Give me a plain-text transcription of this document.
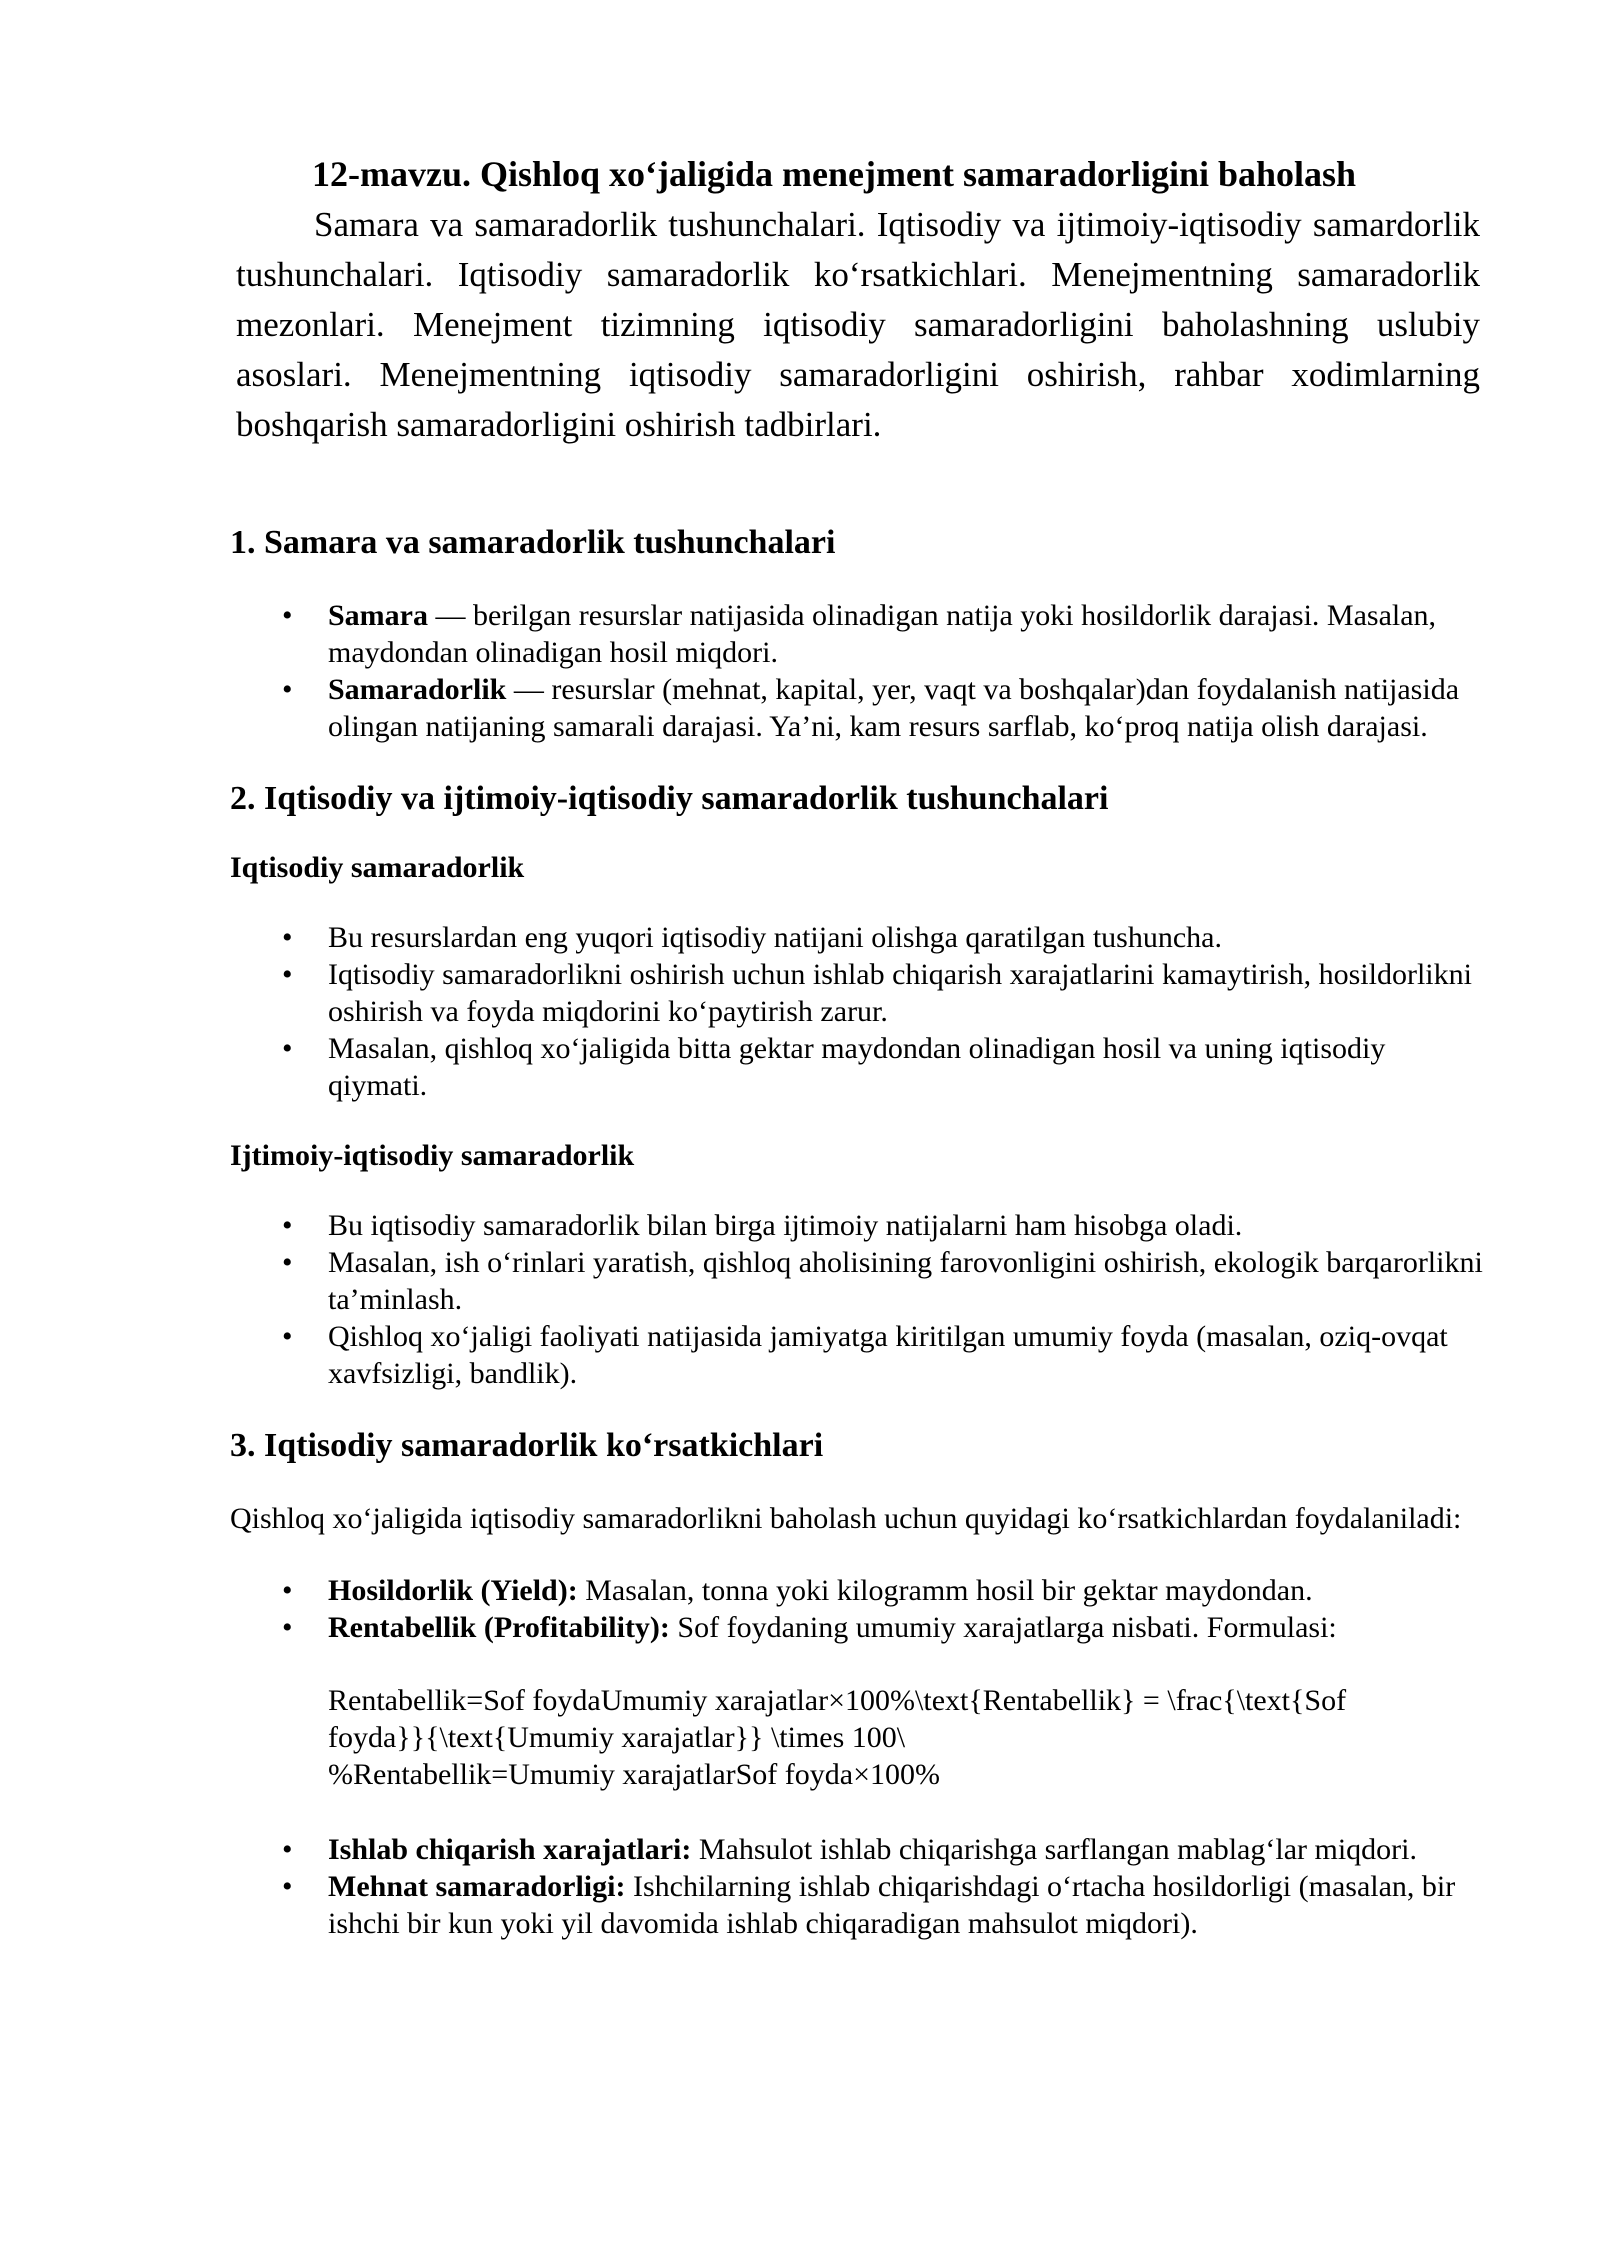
12-mavzu. Qishloq xo‘jaligida menejment samaradorligini baholash

Samara va samaradorlik tushunchalari. Iqtisodiy va ijtimoiy-iqtisodiy samardorlik tushunchalari. Iqtisodiy samaradorlik ko‘rsatkichlari. Menejmentning samaradorlik mezonlari. Menejment tizimning iqtisodiy samaradorligini baholashning uslubiy asoslari. Menejmentning iqtisodiy samaradorligini oshirish, rahbar xodimlarning boshqarish samaradorligini oshirish tadbirlari.

1. Samara va samaradorlik tushunchalari
• Samara — berilgan resurslar natijasida olinadigan natija yoki hosildorlik darajasi. Masalan, maydondan olinadigan hosil miqdori.
• Samaradorlik — resurslar (mehnat, kapital, yer, vaqt va boshqalar)dan foydalanish natijasida olingan natijaning samarali darajasi. Ya’ni, kam resurs sarflab, ko‘proq natija olish darajasi.
2. Iqtisodiy va ijtimoiy-iqtisodiy samaradorlik tushunchalari
Iqtisodiy samaradorlik
• Bu resurslardan eng yuqori iqtisodiy natijani olishga qaratilgan tushuncha.
• Iqtisodiy samaradorlikni oshirish uchun ishlab chiqarish xarajatlarini kamaytirish, hosildorlikni oshirish va foyda miqdorini ko‘paytirish zarur.
• Masalan, qishloq xo‘jaligida bitta gektar maydondan olinadigan hosil va uning iqtisodiy qiymati.
Ijtimoiy-iqtisodiy samaradorlik
• Bu iqtisodiy samaradorlik bilan birga ijtimoiy natijalarni ham hisobga oladi.
• Masalan, ish o‘rinlari yaratish, qishloq aholisining farovonligini oshirish, ekologik barqarorlikni ta’minlash.
• Qishloq xo‘jaligi faoliyati natijasida jamiyatga kiritilgan umumiy foyda (masalan, oziq-ovqat xavfsizligi, bandlik).
3. Iqtisodiy samaradorlik ko‘rsatkichlari

Qishloq xo‘jaligida iqtisodiy samaradorlikni baholash uchun quyidagi ko‘rsatkichlardan foydalaniladi:

• Hosildorlik (Yield): Masalan, tonna yoki kilogramm hosil bir gektar maydondan.
• Rentabellik (Profitability): Sof foydaning umumiy xarajatlarga nisbati. Formulasi:
Rentabellik=Sof foydaUmumiy xarajatlar×100%\text{Rentabellik} = \frac{\text{Sof
foyda}}{\text{Umumiy xarajatlar}} \times 100\
%Rentabellik=Umumiy xarajatlarSof foyda×100%
• Ishlab chiqarish xarajatlari: Mahsulot ishlab chiqarishga sarflangan mablag‘lar miqdori.
• Mehnat samaradorligi: Ishchilarning ishlab chiqarishdagi o‘rtacha hosildorligi (masalan, bir ishchi bir kun yoki yil davomida ishlab chiqaradigan mahsulot miqdori).
